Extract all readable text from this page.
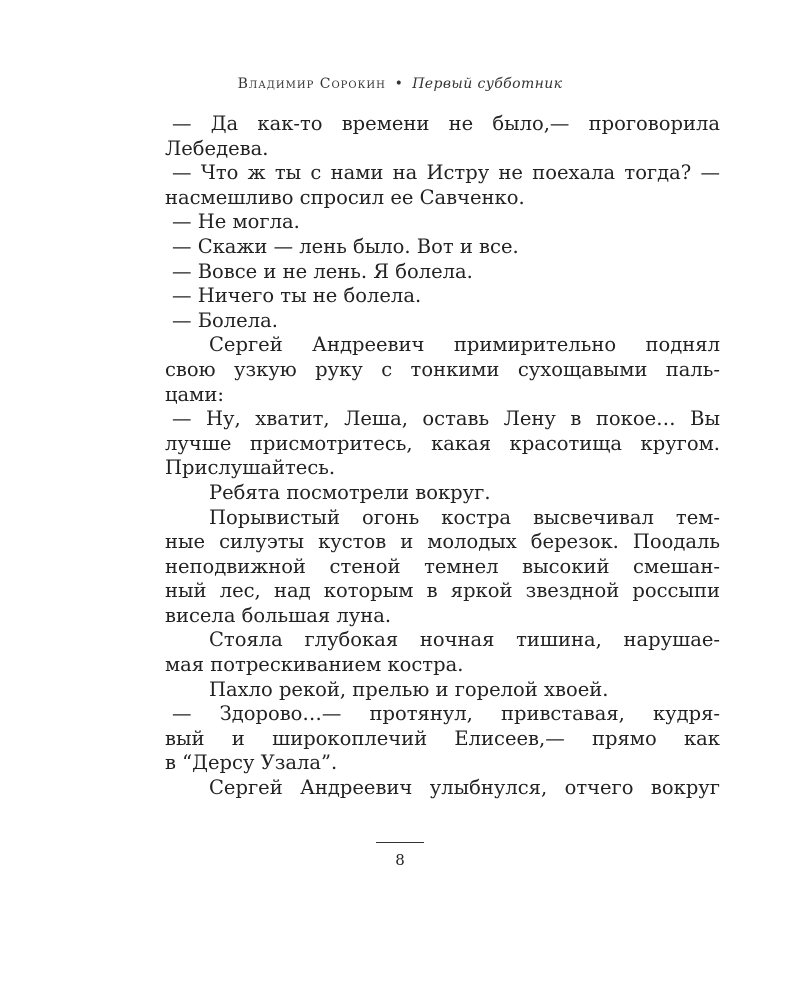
Владимир Сорокин • Первый субботник
— Да как-то времени не было,— проговорила
Лебедева.
— Что ж ты с нами на Истру не поехала тогда? —
насмешливо спросил ее Савченко.
— Не могла.
— Скажи — лень было. Вот и все.
— Вовсе и не лень. Я болела.
— Ничего ты не болела.
— Болела.
Сергей Андреевич примирительно поднял
свою узкую руку с тонкими сухощавыми паль-
цами:
— Ну, хватит, Леша, оставь Лену в покое… Вы
лучше присмотритесь, какая красотища кругом.
Прислушайтесь.
Ребята посмотрели вокруг.
Порывистый огонь костра высвечивал тем-
ные силуэты кустов и молодых березок. Поодаль
неподвижной стеной темнел высокий смешан-
ный лес, над которым в яркой звездной россыпи
висела большая луна.
Стояла глубокая ночная тишина, нарушае-
мая потрескиванием костра.
Пахло рекой, прелью и горелой хвоей.
— Здорово…— протянул, привставая, кудря-
вый и широкоплечий Елисеев,— прямо как
в “Дерсу Узала”.
Сергей Андреевич улыбнулся, отчего вокруг
8
